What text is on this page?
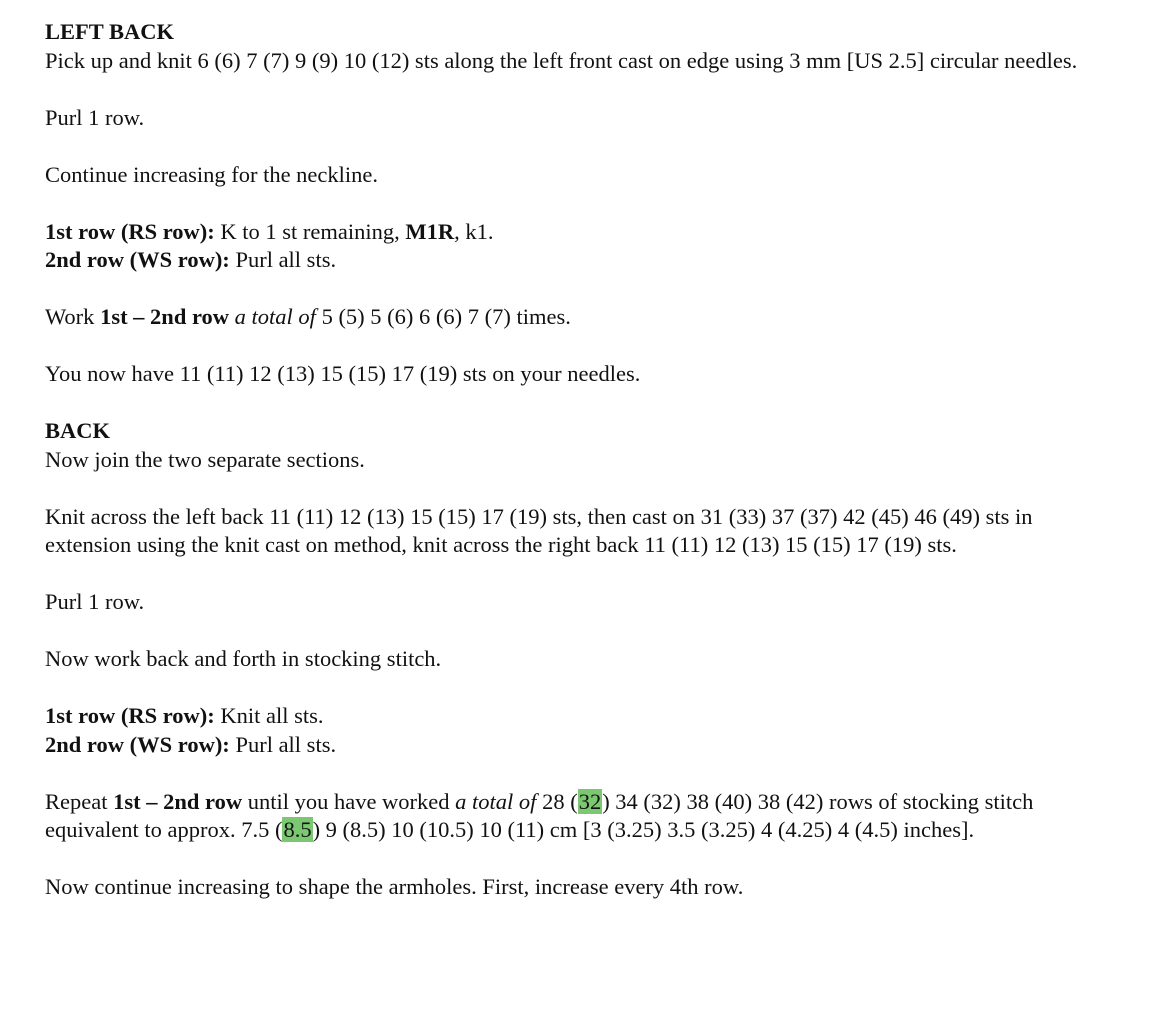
LEFT BACK
Pick up and knit 6 (6) 7 (7) 9 (9) 10 (12) sts along the left front cast on edge using 3 mm [US 2.5] circular needles.
Purl 1 row.
Continue increasing for the neckline.
1st row (RS row): K to 1 st remaining, M1R, k1.
2nd row (WS row): Purl all sts.
Work 1st – 2nd row a total of 5 (5) 5 (6) 6 (6) 7 (7) times.
You now have 11 (11) 12 (13) 15 (15) 17 (19) sts on your needles.
BACK
Now join the two separate sections.
Knit across the left back 11 (11) 12 (13) 15 (15) 17 (19) sts, then cast on 31 (33) 37 (37) 42 (45) 46 (49) sts in extension using the knit cast on method, knit across the right back 11 (11) 12 (13) 15 (15) 17 (19) sts.
Purl 1 row.
Now work back and forth in stocking stitch.
1st row (RS row): Knit all sts.
2nd row (WS row): Purl all sts.
Repeat 1st – 2nd row until you have worked a total of 28 (32) 34 (32) 38 (40) 38 (42) rows of stocking stitch equivalent to approx. 7.5 (8.5) 9 (8.5) 10 (10.5) 10 (11) cm [3 (3.25) 3.5 (3.25) 4 (4.25) 4 (4.5) inches].
Now continue increasing to shape the armholes. First, increase every 4th row.
